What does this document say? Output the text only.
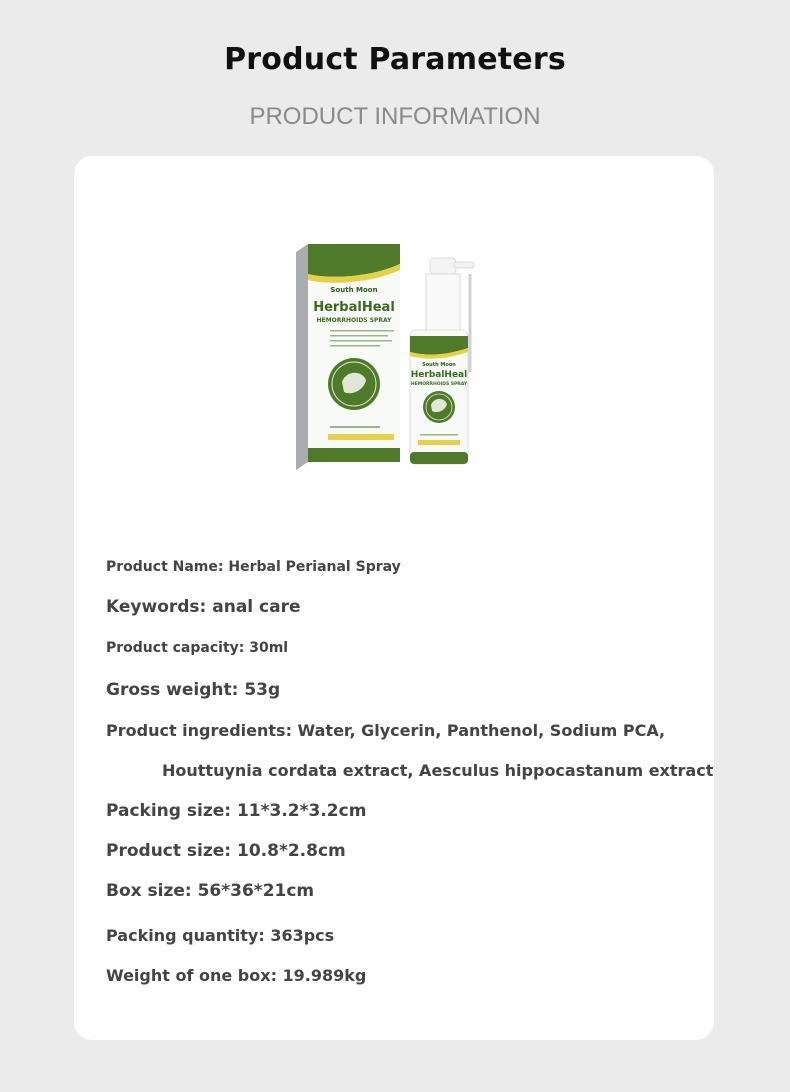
Product Parameters
PRODUCT INFORMATION
South Moon
HerbalHeal
HEMORRHOIDS SPRAY
South Moon
HerbalHeal
HEMORRHOIDS SPRAY
Product Name: Herbal Perianal Spray
Keywords: anal care
Product capacity: 30ml
Gross weight: 53g
Product ingredients: Water, Glycerin, Panthenol, Sodium PCA,
Houttuynia cordata extract, Aesculus hippocastanum extract
Packing size: 11*3.2*3.2cm
Product size: 10.8*2.8cm
Box size: 56*36*21cm
Packing quantity: 363pcs
Weight of one box: 19.989kg
